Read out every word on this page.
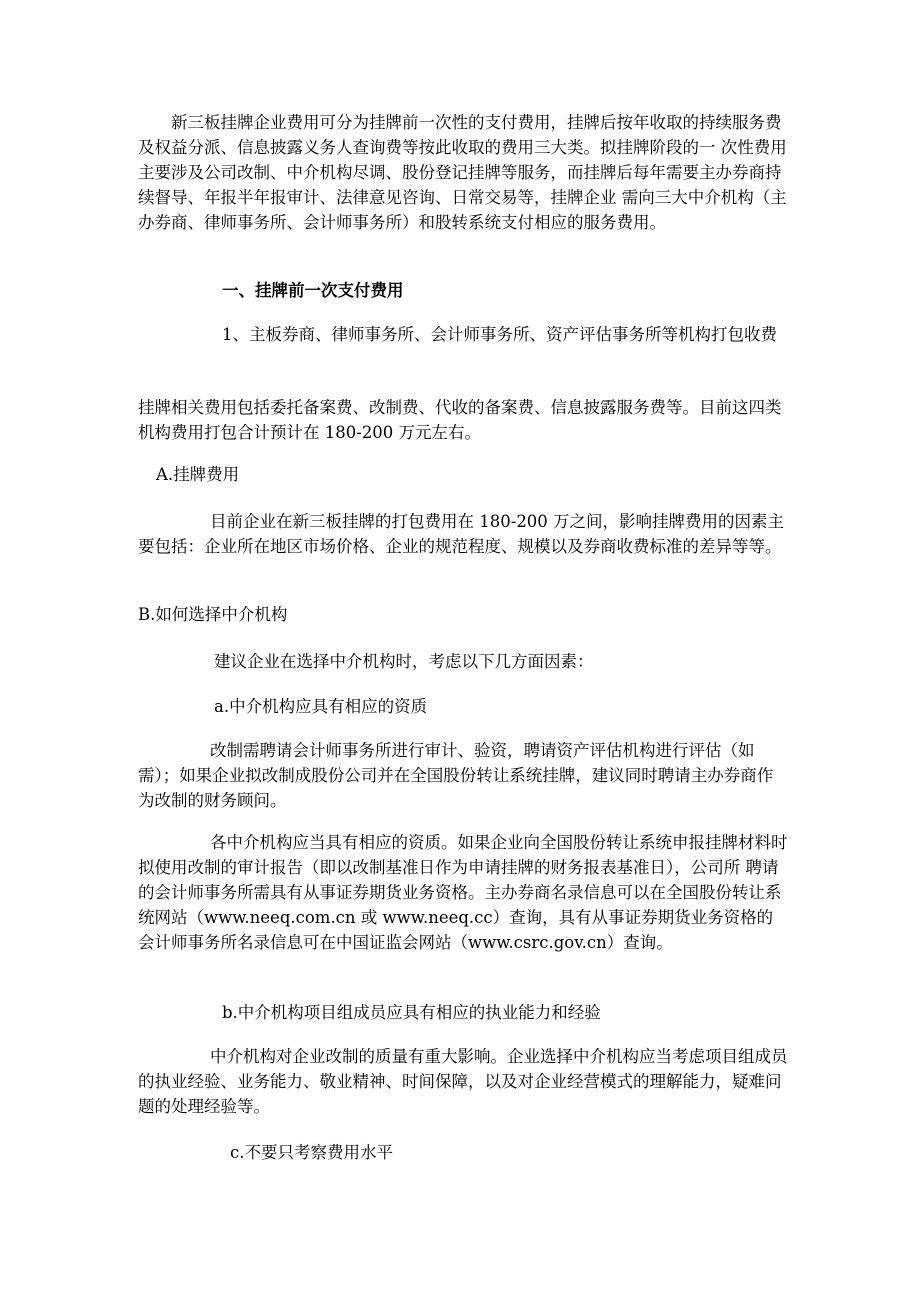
新三板挂牌企业费用可分为挂牌前一次性的支付费用，挂牌后按年收取的持续服务费及权益分派、信息披露义务人查询费等按此收取的费用三大类。拟挂牌阶段的一 次性费用主要涉及公司改制、中介机构尽调、股份登记挂牌等服务，而挂牌后每年需要主办券商持续督导、年报半年报审计、法律意见咨询、日常交易等，挂牌企业 需向三大中介机构（主办券商、律师事务所、会计师事务所）和股转系统支付相应的服务费用。

一、挂牌前一次支付费用

1、主板券商、律师事务所、会计师事务所、资产评估事务所等机构打包收费

挂牌相关费用包括委托备案费、改制费、代收的备案费、信息披露服务费等。目前这四类机构费用打包合计预计在 180-200 万元左右。

A.挂牌费用

目前企业在新三板挂牌的打包费用在 180-200 万之间，影响挂牌费用的因素主要包括：企业所在地区市场价格、企业的规范程度、规模以及券商收费标准的差异等等。

B.如何选择中介机构

建议企业在选择中介机构时，考虑以下几方面因素：

a.中介机构应具有相应的资质

改制需聘请会计师事务所进行审计、验资，聘请资产评估机构进行评估（如需）；如果企业拟改制成股份公司并在全国股份转让系统挂牌，建议同时聘请主办券商作为改制的财务顾问。

各中介机构应当具有相应的资质。如果企业向全国股份转让系统申报挂牌材料时拟使用改制的审计报告（即以改制基准日作为申请挂牌的财务报表基准日），公司所 聘请的会计师事务所需具有从事证券期货业务资格。主办券商名录信息可以在全国股份转让系统网站（www.neeq.com.cn 或 www.neeq.cc）查询，具有从事证券期货业务资格的会计师事务所名录信息可在中国证监会网站（www.csrc.gov.cn）查询。

b.中介机构项目组成员应具有相应的执业能力和经验

中介机构对企业改制的质量有重大影响。企业选择中介机构应当考虑项目组成员的执业经验、业务能力、敬业精神、时间保障，以及对企业经营模式的理解能力，疑难问题的处理经验等。

c.不要只考察费用水平
